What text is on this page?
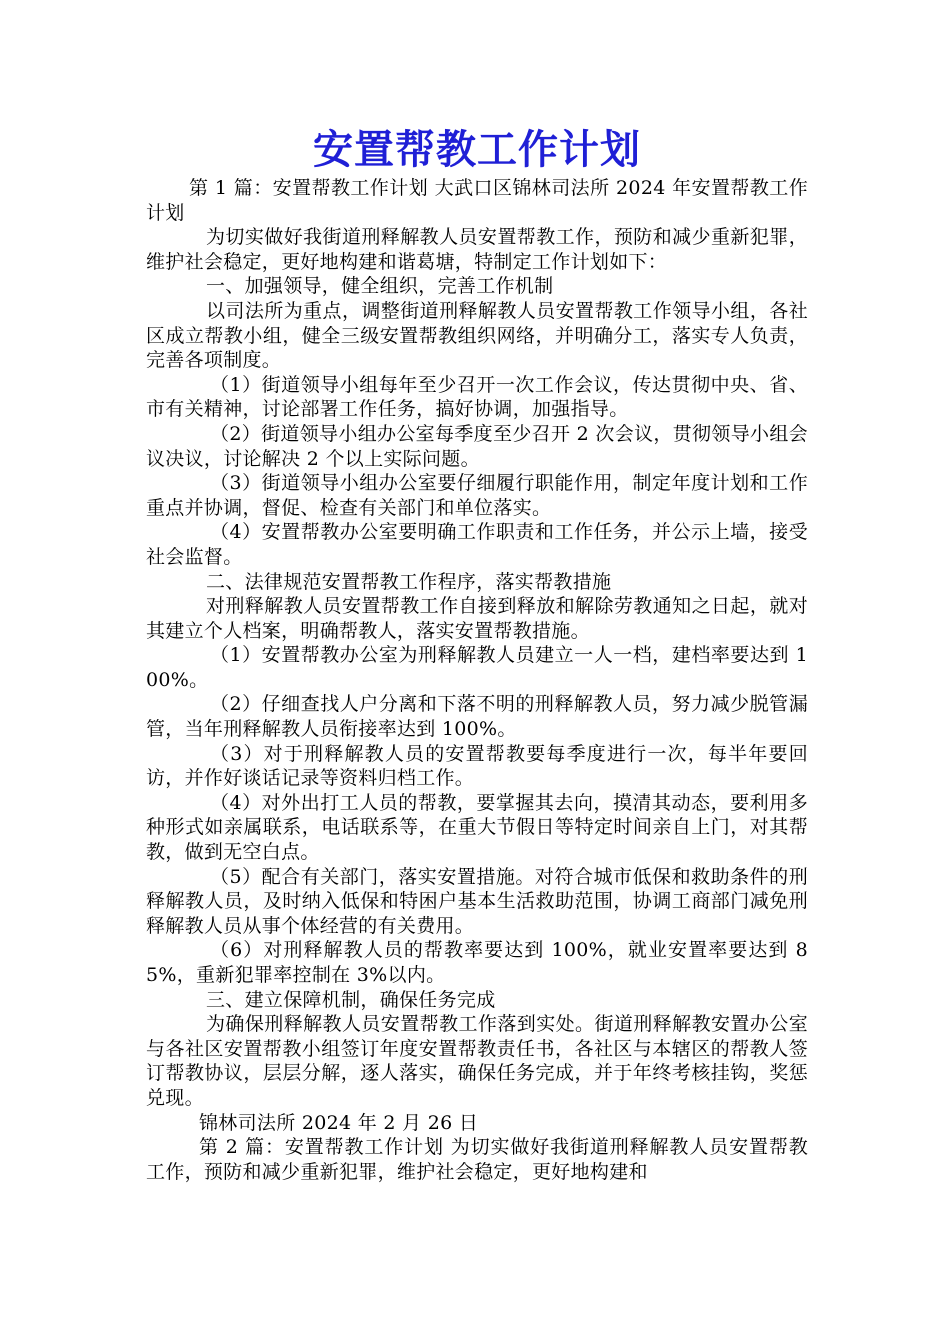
安置帮教工作计划

第 1 篇：安置帮教工作计划 大武口区锦林司法所 2024 年安置帮教工作计划

为切实做好我街道刑释解教人员安置帮教工作，预防和减少重新犯罪，维护社会稳定，更好地构建和谐葛塘，特制定工作计划如下：

一、加强领导，健全组织，完善工作机制

以司法所为重点，调整街道刑释解教人员安置帮教工作领导小组，各社区成立帮教小组，健全三级安置帮教组织网络，并明确分工，落实专人负责，完善各项制度。

（1）街道领导小组每年至少召开一次工作会议，传达贯彻中央、省、市有关精神，讨论部署工作任务，搞好协调，加强指导。

（2）街道领导小组办公室每季度至少召开 2 次会议，贯彻领导小组会议决议，讨论解决 2 个以上实际问题。

（3）街道领导小组办公室要仔细履行职能作用，制定年度计划和工作重点并协调，督促、检查有关部门和单位落实。

（4）安置帮教办公室要明确工作职责和工作任务，并公示上墙，接受社会监督。

二、法律规范安置帮教工作程序，落实帮教措施

对刑释解教人员安置帮教工作自接到释放和解除劳教通知之日起，就对其建立个人档案，明确帮教人，落实安置帮教措施。

（1）安置帮教办公室为刑释解教人员建立一人一档，建档率要达到 100%。

（2）仔细查找人户分离和下落不明的刑释解教人员，努力减少脱管漏管，当年刑释解教人员衔接率达到 100%。

（3）对于刑释解教人员的安置帮教要每季度进行一次，每半年要回访，并作好谈话记录等资料归档工作。

（4）对外出打工人员的帮教，要掌握其去向，摸清其动态，要利用多种形式如亲属联系，电话联系等，在重大节假日等特定时间亲自上门，对其帮教，做到无空白点。

（5）配合有关部门，落实安置措施。对符合城市低保和救助条件的刑释解教人员，及时纳入低保和特困户基本生活救助范围，协调工商部门减免刑释解教人员从事个体经营的有关费用。

（6）对刑释解教人员的帮教率要达到 100%，就业安置率要达到 85%，重新犯罪率控制在 3%以内。

三、建立保障机制，确保任务完成

为确保刑释解教人员安置帮教工作落到实处。街道刑释解教安置办公室与各社区安置帮教小组签订年度安置帮教责任书，各社区与本辖区的帮教人签订帮教协议，层层分解，逐人落实，确保任务完成，并于年终考核挂钩，奖惩兑现。

锦林司法所 2024 年 2 月 26 日

第 2 篇：安置帮教工作计划 为切实做好我街道刑释解教人员安置帮教工作，预防和减少重新犯罪，维护社会稳定，更好地构建和
